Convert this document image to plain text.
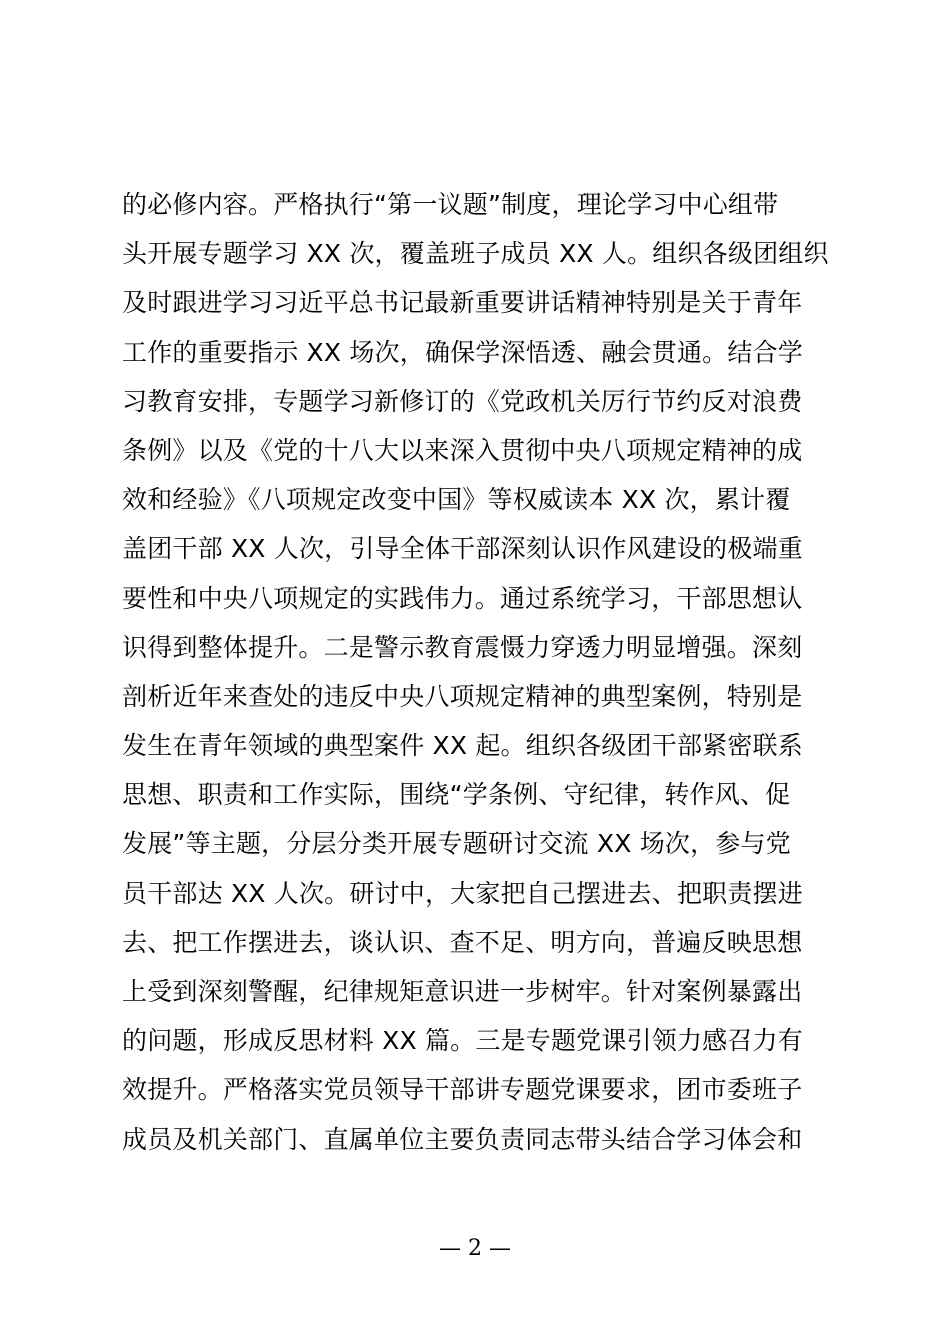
的必修内容。严格执行“第一议题”制度，理论学习中心组带
头开展专题学习 XX 次，覆盖班子成员 XX 人。组织各级团组织
及时跟进学习习近平总书记最新重要讲话精神特别是关于青年
工作的重要指示 XX 场次，确保学深悟透、融会贯通。结合学
习教育安排，专题学习新修订的《党政机关厉行节约反对浪费
条例》以及《党的十八大以来深入贯彻中央八项规定精神的成
效和经验》《八项规定改变中国》等权威读本 XX 次，累计覆
盖团干部 XX 人次，引导全体干部深刻认识作风建设的极端重
要性和中央八项规定的实践伟力。通过系统学习，干部思想认
识得到整体提升。二是警示教育震慑力穿透力明显增强。深刻
剖析近年来查处的违反中央八项规定精神的典型案例，特别是
发生在青年领域的典型案件 XX 起。组织各级团干部紧密联系
思想、职责和工作实际，围绕“学条例、守纪律，转作风、促
发展”等主题，分层分类开展专题研讨交流 XX 场次，参与党
员干部达 XX 人次。研讨中，大家把自己摆进去、把职责摆进
去、把工作摆进去，谈认识、查不足、明方向，普遍反映思想
上受到深刻警醒，纪律规矩意识进一步树牢。针对案例暴露出
的问题，形成反思材料 XX 篇。三是专题党课引领力感召力有
效提升。严格落实党员领导干部讲专题党课要求，团市委班子
成员及机关部门、直属单位主要负责同志带头结合学习体会和
— 2 —
